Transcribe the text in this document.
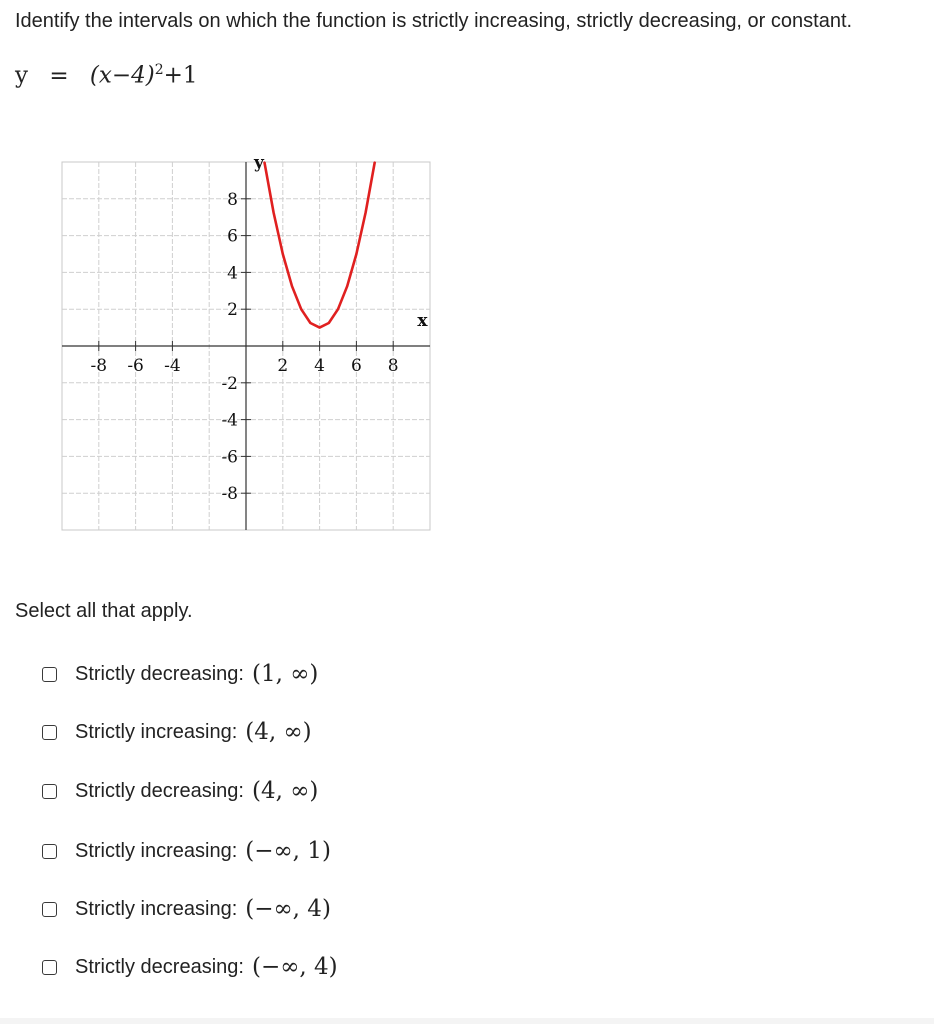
Identify the intervals on which the function is strictly increasing, strictly decreasing, or constant.

$y = (x-4)^2+1$
-8 -6 -4	2 4 6 8
8
6
4
2
-2
-4
-6
-8
x
y
Select all that apply.
Strictly decreasing: (1, ∞)
Strictly increasing: (4, ∞)
Strictly decreasing: (4, ∞)
Strictly increasing: (−∞, 1)
Strictly increasing: (−∞, 4)
Strictly decreasing: (−∞, 4)
